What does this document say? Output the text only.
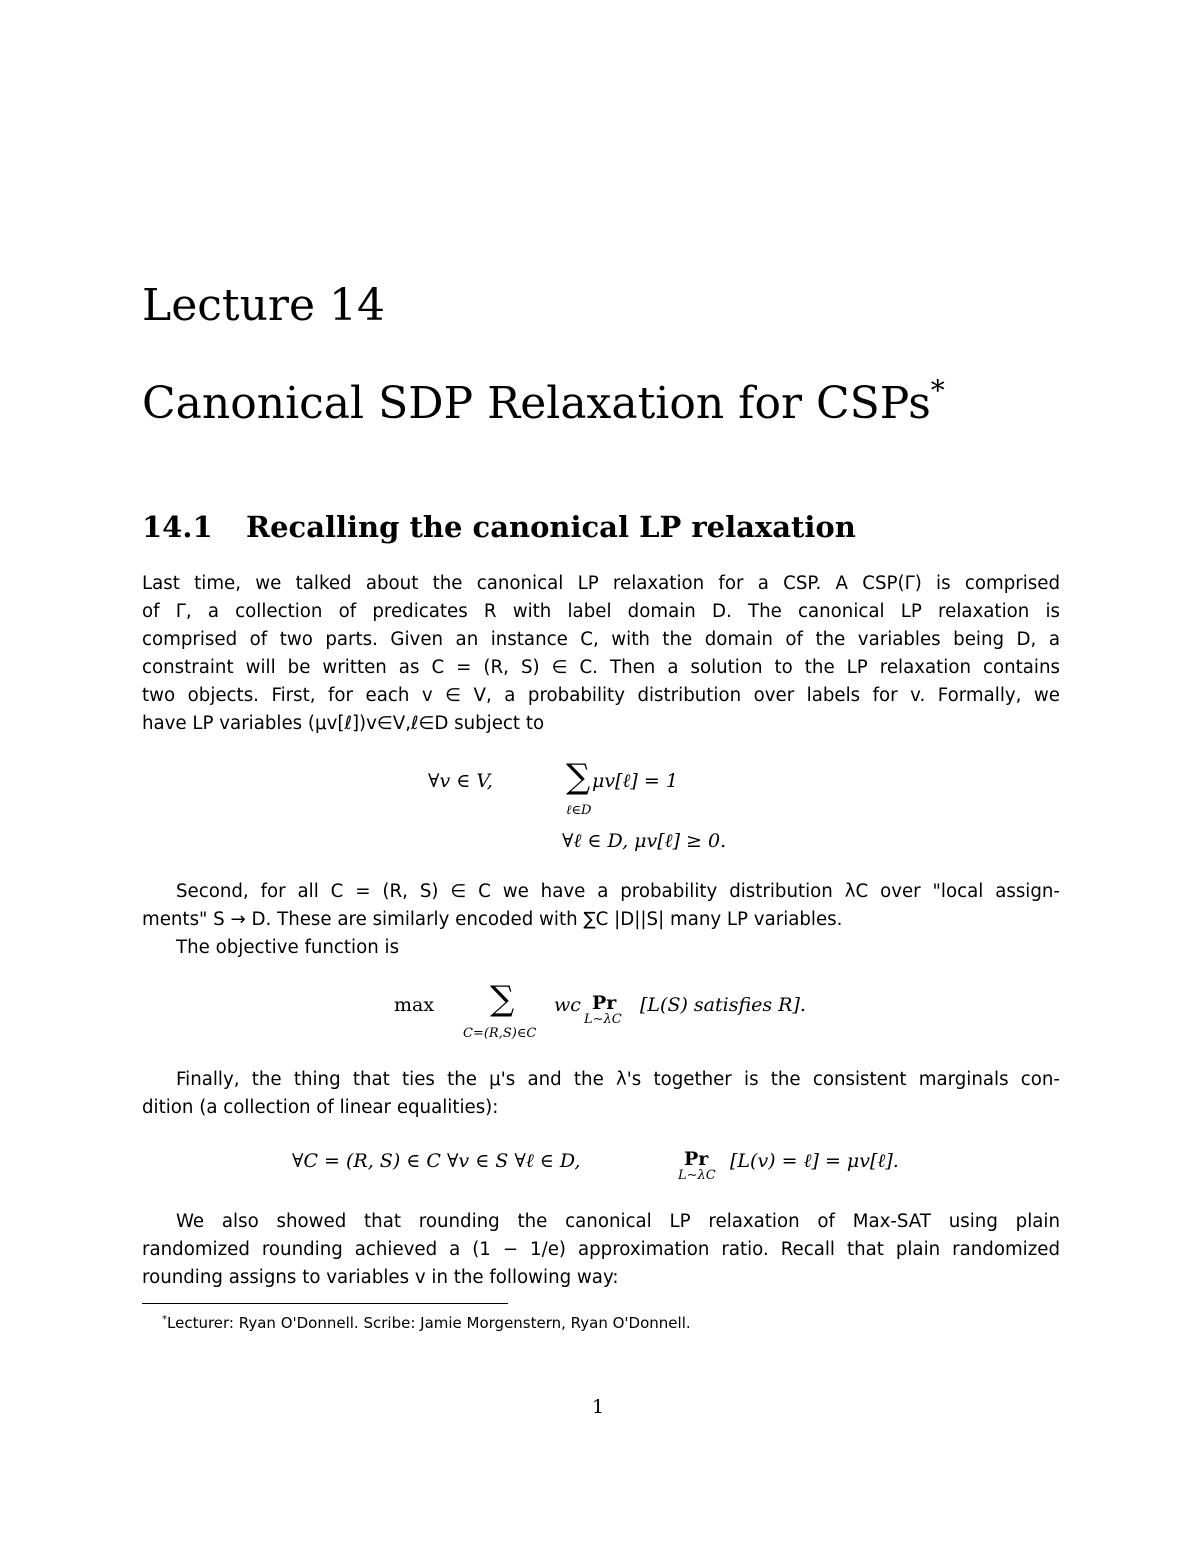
Lecture 14
Canonical SDP Relaxation for CSPs*
14.1 Recalling the canonical LP relaxation
Last time, we talked about the canonical LP relaxation for a CSP. A CSP(Γ) is comprised
of Γ, a collection of predicates R with label domain D. The canonical LP relaxation is
comprised of two parts. Given an instance C, with the domain of the variables being D, a
constraint will be written as C = (R, S) ∈ C. Then a solution to the LP relaxation contains
two objects. First, for each v ∈ V, a probability distribution over labels for v. Formally, we
have LP variables (μv[ℓ])v∈V,ℓ∈D subject to
∀v ∈ V, ∑
ℓ∈D
μv[ℓ] = 1
∀ℓ ∈ D, μv[ℓ] ≥ 0.
Second, for all C = (R, S) ∈ C we have a probability distribution λC over "local assign-
ments" S → D. These are similarly encoded with ∑C |D||S| many LP variables.
The objective function is
max ∑
C=(R,S)∈C
wc Pr
L∼λC
[L(S) satisfies R].
Finally, the thing that ties the μ's and the λ's together is the consistent marginals con-
dition (a collection of linear equalities):
∀C = (R, S) ∈ C ∀v ∈ S ∀ℓ ∈ D,	Pr
L∼λC
[L(v) = ℓ] = μv[ℓ].
We also showed that rounding the canonical LP relaxation of Max-SAT using plain
randomized rounding achieved a (1 − 1/e) approximation ratio. Recall that plain randomized
rounding assigns to variables v in the following way:
*Lecturer: Ryan O'Donnell. Scribe: Jamie Morgenstern, Ryan O'Donnell.
1
